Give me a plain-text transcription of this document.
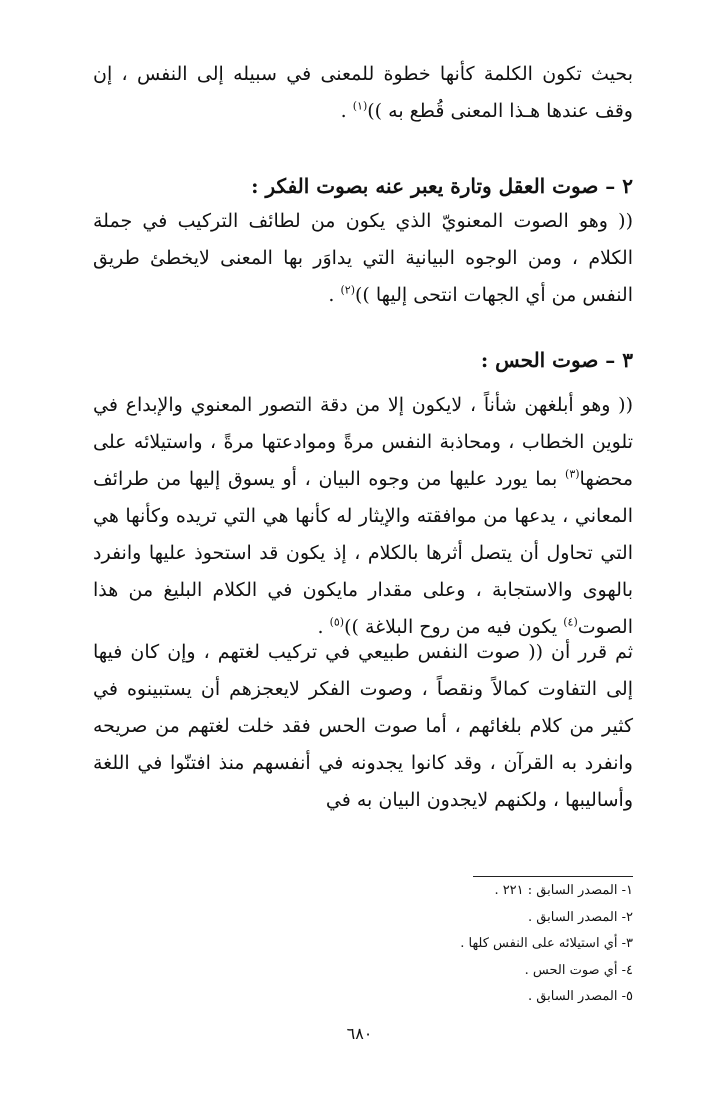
بحيث تكون الكلمة كأنها خطوة للمعنى في سبيله إلى النفس ، إن وقف عندها هـذا المعنى قُطع به ))$^{(١)}$ .

٢ – صوت العقل وتارة يعبر عنه بصوت الفكر :

(( وهو الصوت المعنويّ الذي يكون من لطائف التركيب في جملة الكلام ، ومن الوجوه البيانية التي يداوَر بها المعنى لايخطئ طريق النفس من أي الجهات انتحى إليها ))$^{(٢)}$ .

٣ – صوت الحس :

(( وهو أبلغهن شأناً ، لايكون إلا من دقة التصور المعنوي والإبداع في تلوين الخطاب ، ومحاذبة النفس مرةً وموادعتها مرةً ، واستيلائه على محضها$^{(٣)}$ بما يورد عليها من وجوه البيان ، أو يسوق إليها من طرائف المعاني ، يدعها من موافقته والإيثار له كأنها هي التي تريده وكأنها هي التي تحاول أن يتصل أثرها بالكلام ، إذ يكون قد استحوذ عليها وانفرد بالهوى والاستجابة ، وعلى مقدار مايكون في الكلام البليغ من هذا الصوت$^{(٤)}$ يكون فيه من روح البلاغة ))$^{(٥)}$ .

ثم قرر أن (( صوت النفس طبيعي في تركيب لغتهم ، وإن كان فيها إلى التفاوت كمالاً ونقصاً ، وصوت الفكر لايعجزهم أن يستبينوه في كثير من كلام بلغائهم ، أما صوت الحس فقد خلت لغتهم من صريحه وانفرد به القرآن ، وقد كانوا يجدونه في أنفسهم منذ افتنّوا في اللغة وأساليبها ، ولكنهم لايجدون البيان به في

١- المصدر السابق : ٢٢١ .
٢- المصدر السابق .
٣- أي استيلائه على النفس كلها .
٤- أي صوت الحس .
٥- المصدر السابق .
٦٨٠
